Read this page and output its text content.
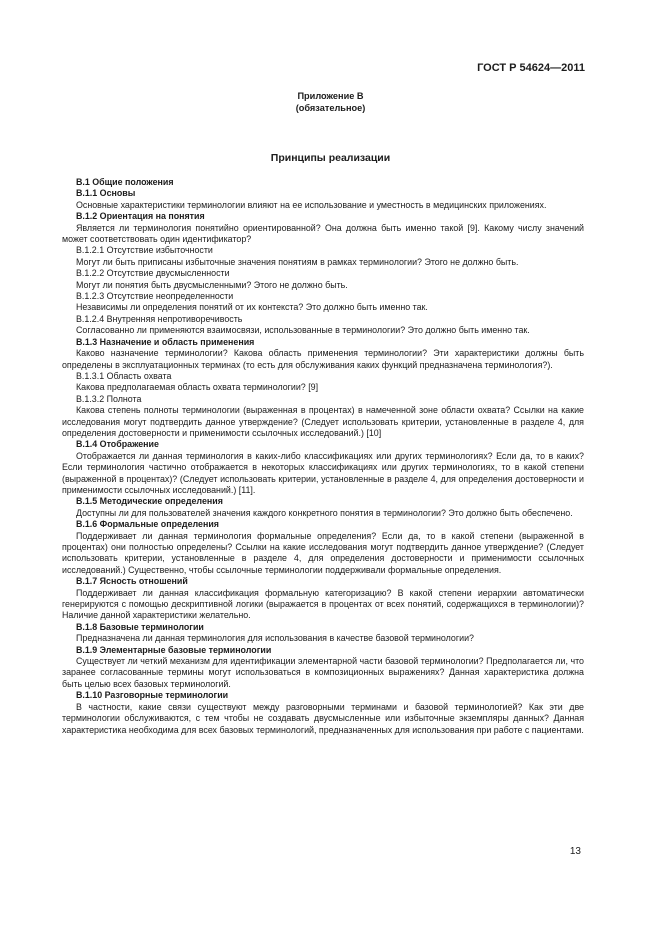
ГОСТ Р 54624—2011
Приложение В
(обязательное)
Принципы реализации

В.1 Общие положения

В.1.1 Основы

Основные характеристики терминологии влияют на ее использование и уместность в медицинских приложениях.

В.1.2 Ориентация на понятия

Является ли терминология понятийно ориентированной? Она должна быть именно такой [9]. Какому числу значений может соответствовать один идентификатор?

В.1.2.1 Отсутствие избыточности

Могут ли быть приписаны избыточные значения понятиям в рамках терминологии? Этого не должно быть.

В.1.2.2 Отсутствие двусмысленности

Могут ли понятия быть двусмысленными? Этого не должно быть.

В.1.2.3 Отсутствие неопределенности

Независимы ли определения понятий от их контекста? Это должно быть именно так.

В.1.2.4 Внутренняя непротиворечивость

Согласованно ли применяются взаимосвязи, использованные в терминологии? Это должно быть именно так.

В.1.3 Назначение и область применения

Каково назначение терминологии? Какова область применения терминологии? Эти характеристики должны быть определены в эксплуатационных терминах (то есть для обслуживания каких функций предназначена терминология?).

В.1.3.1 Область охвата

Какова предполагаемая область охвата терминологии? [9]

В.1.3.2 Полнота

Какова степень полноты терминологии (выраженная в процентах) в намеченной зоне области охвата? Ссылки на какие исследования могут подтвердить данное утверждение? (Следует использовать критерии, установленные в разделе 4, для определения достоверности и применимости ссылочных исследований.) [10]

В.1.4 Отображение

Отображается ли данная терминология в каких-либо классификациях или других терминологиях? Если да, то в каких? Если терминология частично отображается в некоторых классификациях или других терминологиях, то в какой степени (выраженной в процентах)? (Следует использовать критерии, установленные в разделе 4, для определения достоверности и применимости ссылочных исследований.) [11].

В.1.5 Методические определения

Доступны ли для пользователей значения каждого конкретного понятия в терминологии? Это должно быть обеспечено.

В.1.6 Формальные определения

Поддерживает ли данная терминология формальные определения? Если да, то в какой степени (выраженной в процентах) они полностью определены? Ссылки на какие исследования могут подтвердить данное утверждение? (Следует использовать критерии, установленные в разделе 4, для определения достоверности и применимости ссылочных исследований.) Существенно, чтобы ссылочные терминологии поддерживали формальные определения.

В.1.7 Ясность отношений

Поддерживает ли данная классификация формальную категоризацию? В какой степени иерархии автоматически генерируются с помощью дескриптивной логики (выражается в процентах от всех понятий, содержащихся в терминологии)? Наличие данной характеристики желательно.

В.1.8 Базовые терминологии

Предназначена ли данная терминология для использования в качестве базовой терминологии?

В.1.9 Элементарные базовые терминологии

Существует ли четкий механизм для идентификации элементарной части базовой терминологии? Предполагается ли, что заранее согласованные термины могут использоваться в композиционных выражениях? Данная характеристика должна быть целью всех базовых терминологий.

В.1.10 Разговорные терминологии

В частности, какие связи существуют между разговорными терминами и базовой терминологией? Как эти две терминологии обслуживаются, с тем чтобы не создавать двусмысленные или избыточные экземпляры данных? Данная характеристика необходима для всех базовых терминологий, предназначенных для использования при работе с пациентами.

13
